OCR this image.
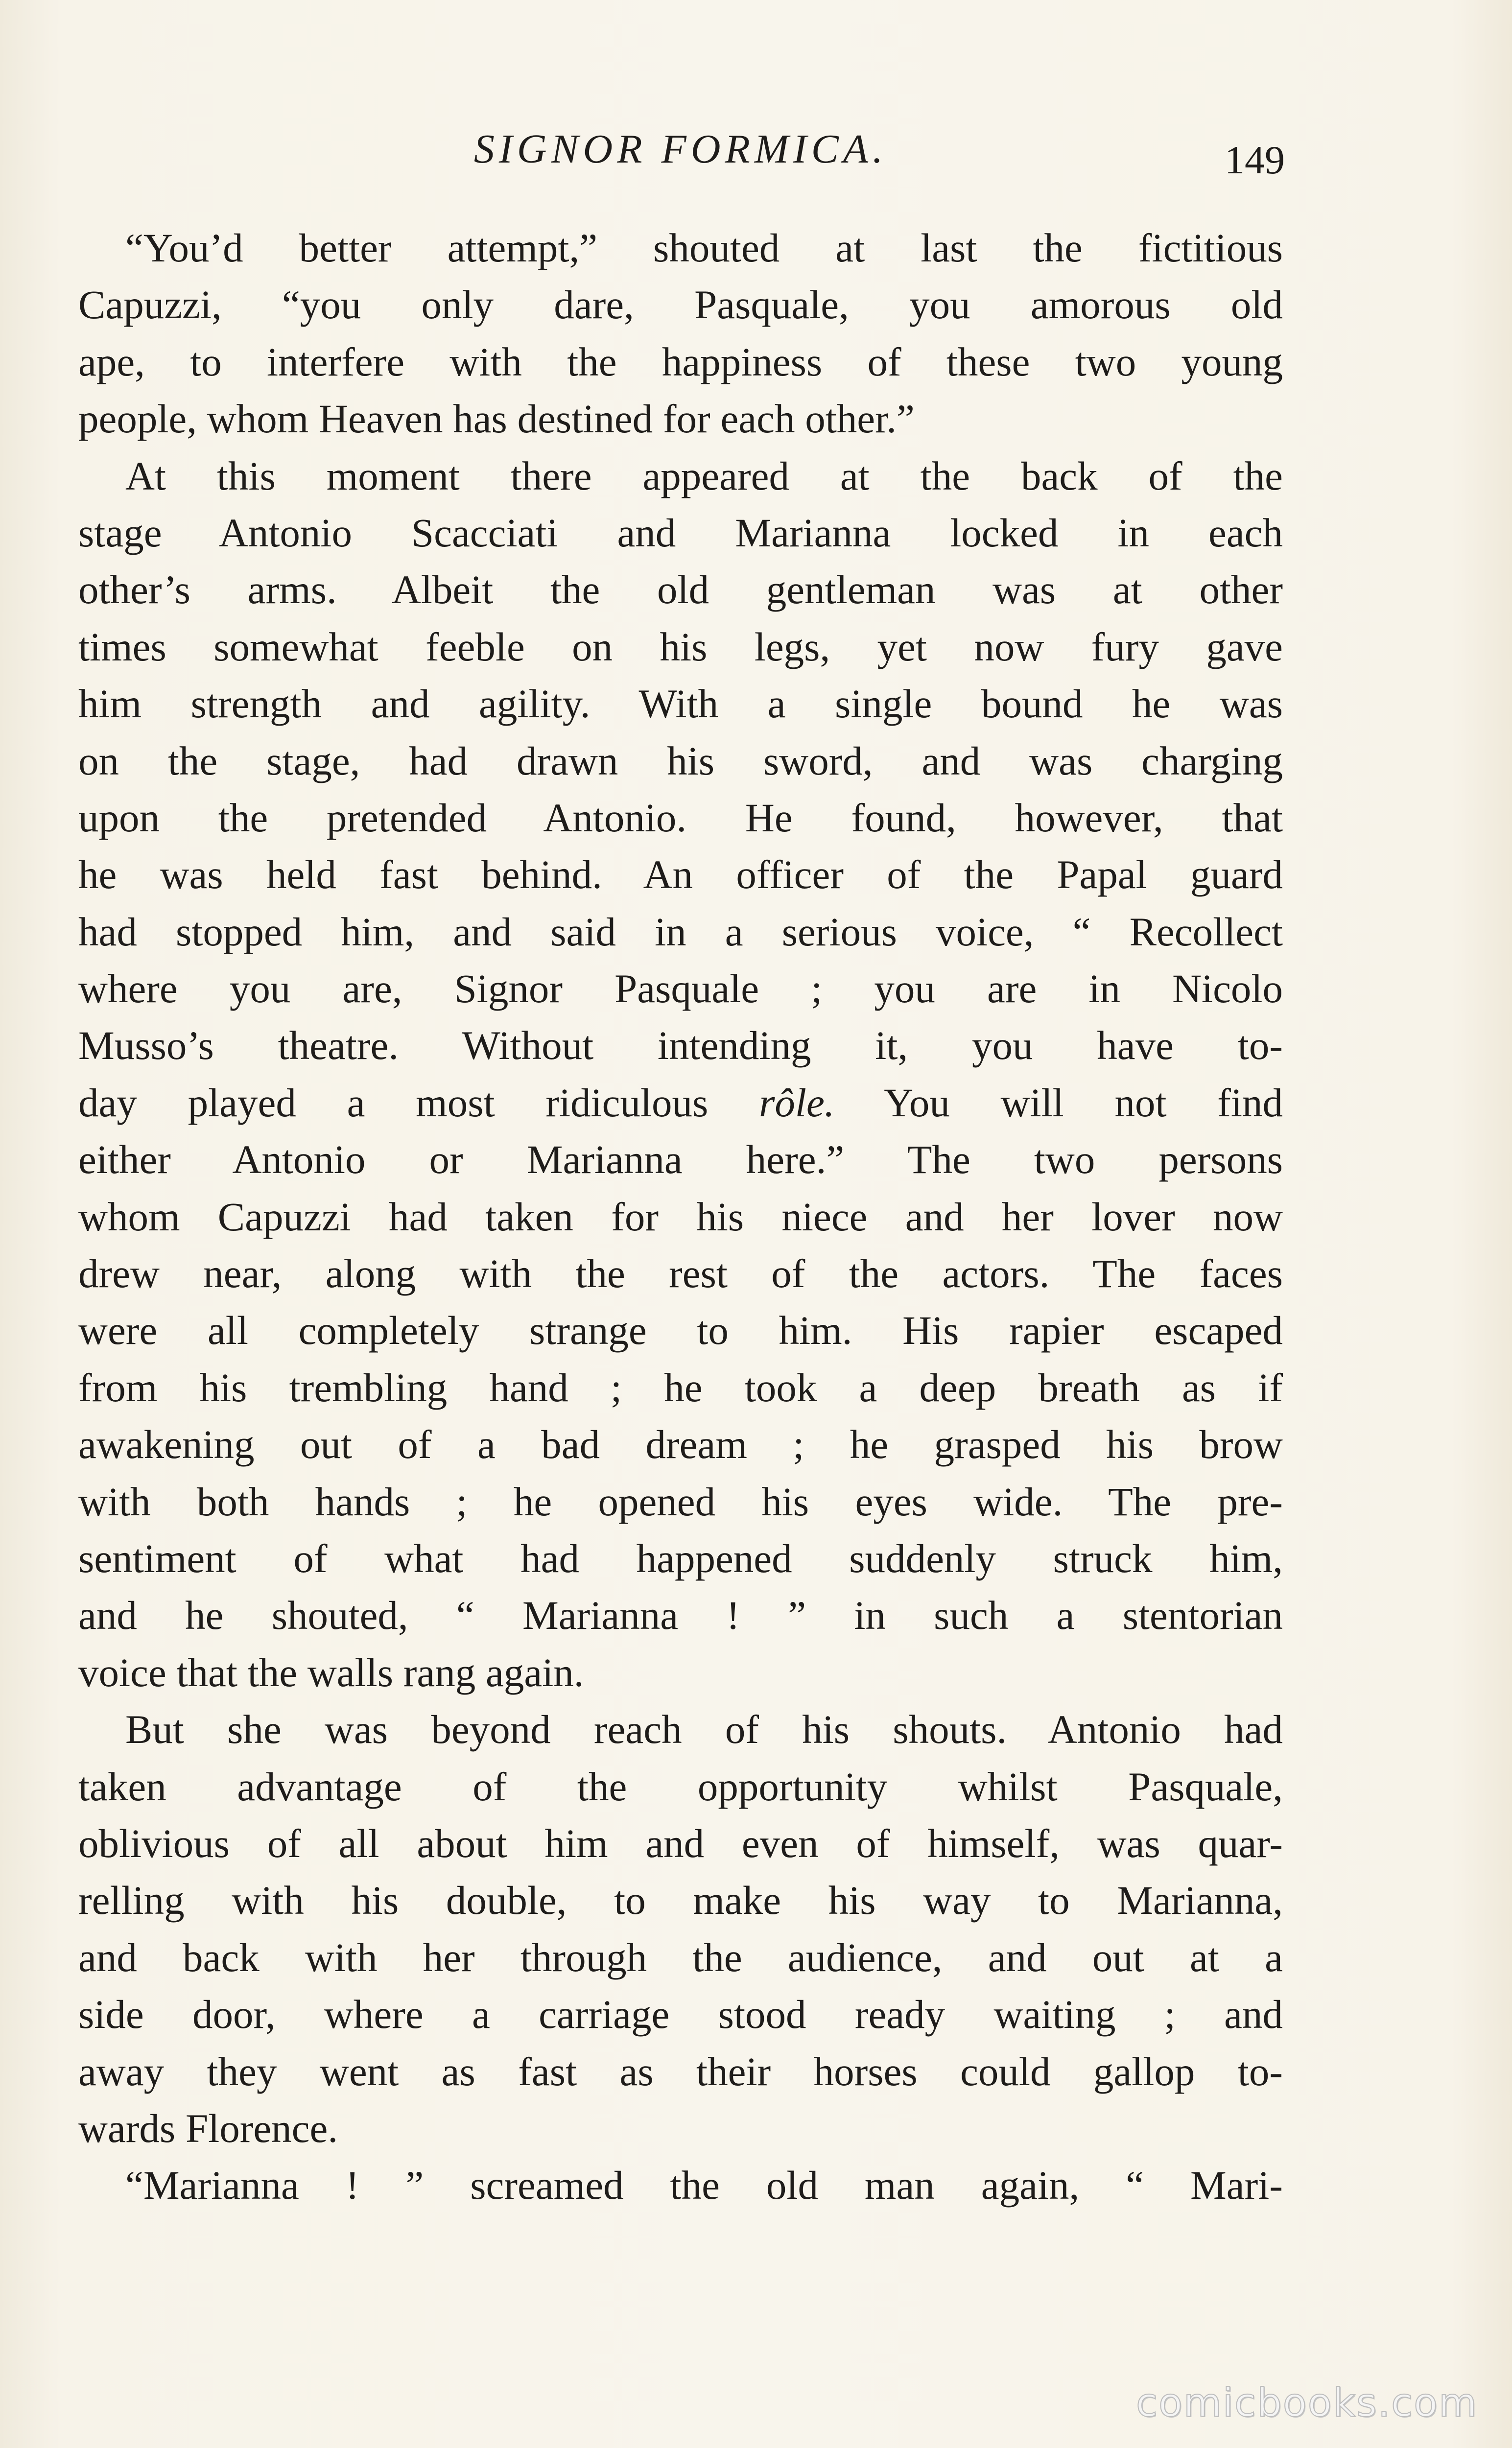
SIGNOR FORMICA.	149
“You’d better attempt,” shouted at last the fictitious
Capuzzi, “you only dare, Pasquale, you amorous old
ape, to interfere with the happiness of these two young
people, whom Heaven has destined for each other.”
At this moment there appeared at the back of the
stage Antonio Scacciati and Marianna locked in each
other’s arms. Albeit the old gentleman was at other
times somewhat feeble on his legs, yet now fury gave
him strength and agility. With a single bound he was
on the stage, had drawn his sword, and was charging
upon the pretended Antonio. He found, however, that
he was held fast behind. An officer of the Papal guard
had stopped him, and said in a serious voice, “ Recollect
where you are, Signor Pasquale ; you are in Nicolo
Musso’s theatre. Without intending it, you have to-
day played a most ridiculous rôle. You will not find
either Antonio or Marianna here.” The two persons
whom Capuzzi had taken for his niece and her lover now
drew near, along with the rest of the actors. The faces
were all completely strange to him. His rapier escaped
from his trembling hand ; he took a deep breath as if
awakening out of a bad dream ; he grasped his brow
with both hands ; he opened his eyes wide. The pre-
sentiment of what had happened suddenly struck him,
and he shouted, “ Marianna ! ” in such a stentorian
voice that the walls rang again.
But she was beyond reach of his shouts. Antonio had
taken advantage of the opportunity whilst Pasquale,
oblivious of all about him and even of himself, was quar-
relling with his double, to make his way to Marianna,
and back with her through the audience, and out at a
side door, where a carriage stood ready waiting ; and
away they went as fast as their horses could gallop to-
wards Florence.
“Marianna ! ” screamed the old man again, “ Mari-
comicbooks.com
